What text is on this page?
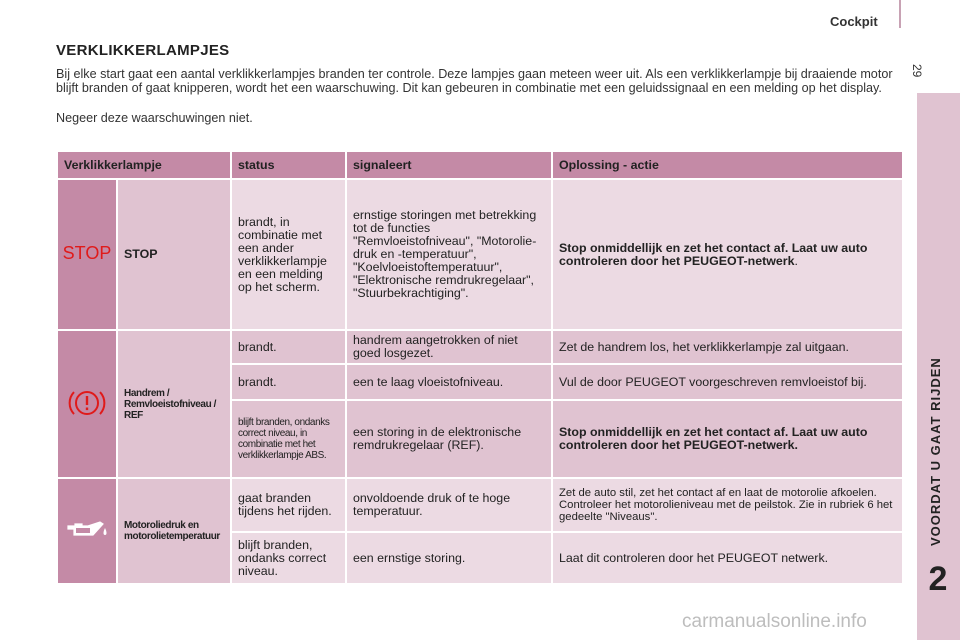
Cockpit
29
VOORDAT U GAAT RIJDEN
2
VERKLIKKERLAMPJES
Bij elke start gaat een aantal verklikkerlampjes branden ter controle. Deze lampjes gaan meteen weer uit. Als een verklikkerlampje bij draaiende motor blijft branden of gaat knipperen, wordt het een waarschuwing. Dit kan gebeuren in combinatie met een geluidssignaal en een melding op het display.
Negeer deze waarschuwingen niet.
Verklikkerlampje		status	signaleert	Oplossing - actie
STOP	STOP	brandt, in combinatie met een ander verklikkerlampje en een melding op het scherm.	ernstige storingen met betrekking tot de functies "Remvloeistofniveau", "Motoroliedruk en -temperatuur", "Koelvloeistoftemperatuur", "Elektronische remdrukregelaar", "Stuurbekrachtiging".	Stop onmiddellijk en zet het contact af. Laat uw auto controleren door het PEUGEOT-netwerk.
	Handrem / Remvloeistofniveau / REF	brandt.	handrem aangetrokken of niet goed losgezet.	Zet de handrem los, het verklikkerlampje zal uitgaan.
		brandt.	een te laag vloeistofniveau.	Vul de door PEUGEOT voorgeschreven remvloeistof bij.
		blijft branden, ondanks correct niveau, in combinatie met het verklikkerlampje ABS.	een storing in de elektronische remdrukregelaar (REF).	Stop onmiddellijk en zet het contact af. Laat uw auto controleren door het PEUGEOT-netwerk.
	Motoroliedruk en motorolietemperatuur	gaat branden tijdens het rijden.	onvoldoende druk of te hoge temperatuur.	Zet de auto stil, zet het contact af en laat de motorolie afkoelen. Controleer het motorolieniveau met de peilstok. Zie in rubriek 6 het gedeelte "Niveaus".
		blijft branden, ondanks correct niveau.	een ernstige storing.	Laat dit controleren door het PEUGEOT netwerk.
carmanualsonline.info
